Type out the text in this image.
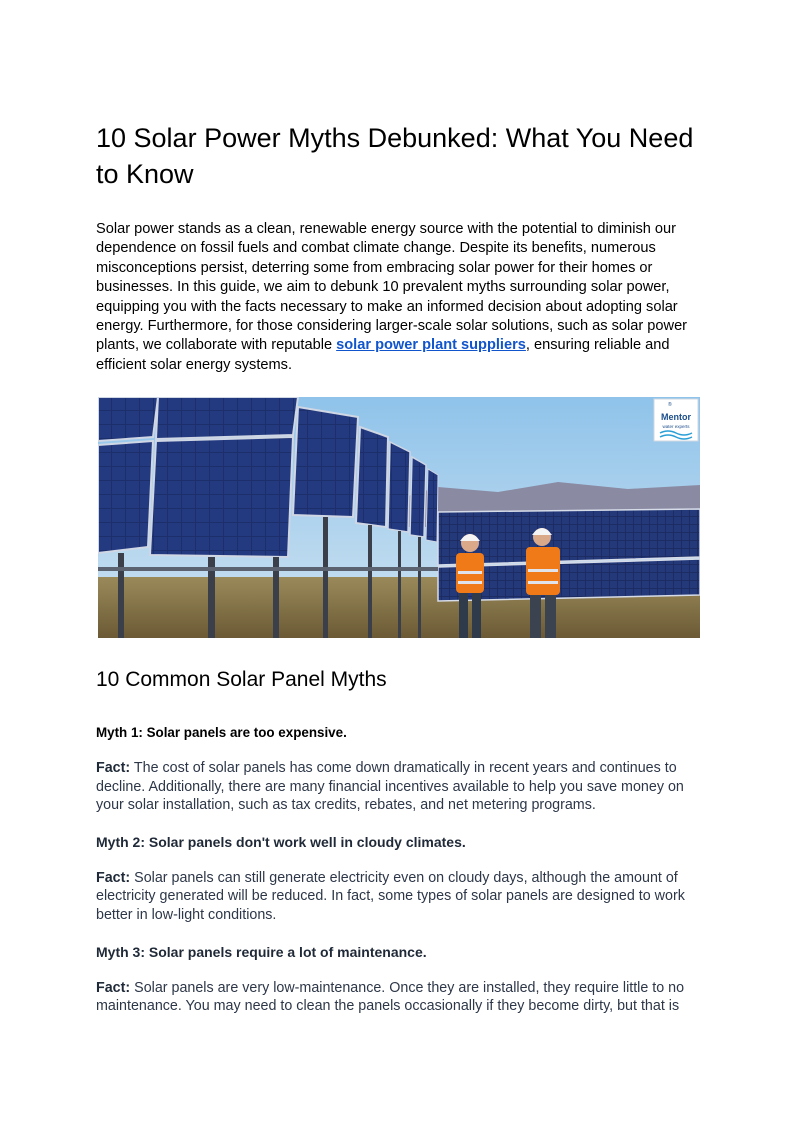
10 Solar Power Myths Debunked: What You Need to Know

Solar power stands as a clean, renewable energy source with the potential to diminish our dependence on fossil fuels and combat climate change. Despite its benefits, numerous misconceptions persist, deterring some from embracing solar power for their homes or businesses. In this guide, we aim to debunk 10 prevalent myths surrounding solar power, equipping you with the facts necessary to make an informed decision about adopting solar energy. Furthermore, for those considering larger-scale solar solutions, such as solar power plants, we collaborate with reputable solar power plant suppliers, ensuring reliable and efficient solar energy systems.

®
Mentor
water experts
10 Common Solar Panel Myths

Myth 1: Solar panels are too expensive.

Fact: The cost of solar panels has come down dramatically in recent years and continues to decline. Additionally, there are many financial incentives available to help you save money on your solar installation, such as tax credits, rebates, and net metering programs.

Myth 2: Solar panels don't work well in cloudy climates.

Fact: Solar panels can still generate electricity even on cloudy days, although the amount of electricity generated will be reduced. In fact, some types of solar panels are designed to work better in low-light conditions.

Myth 3: Solar panels require a lot of maintenance.

Fact: Solar panels are very low-maintenance. Once they are installed, they require little to no maintenance. You may need to clean the panels occasionally if they become dirty, but that is
